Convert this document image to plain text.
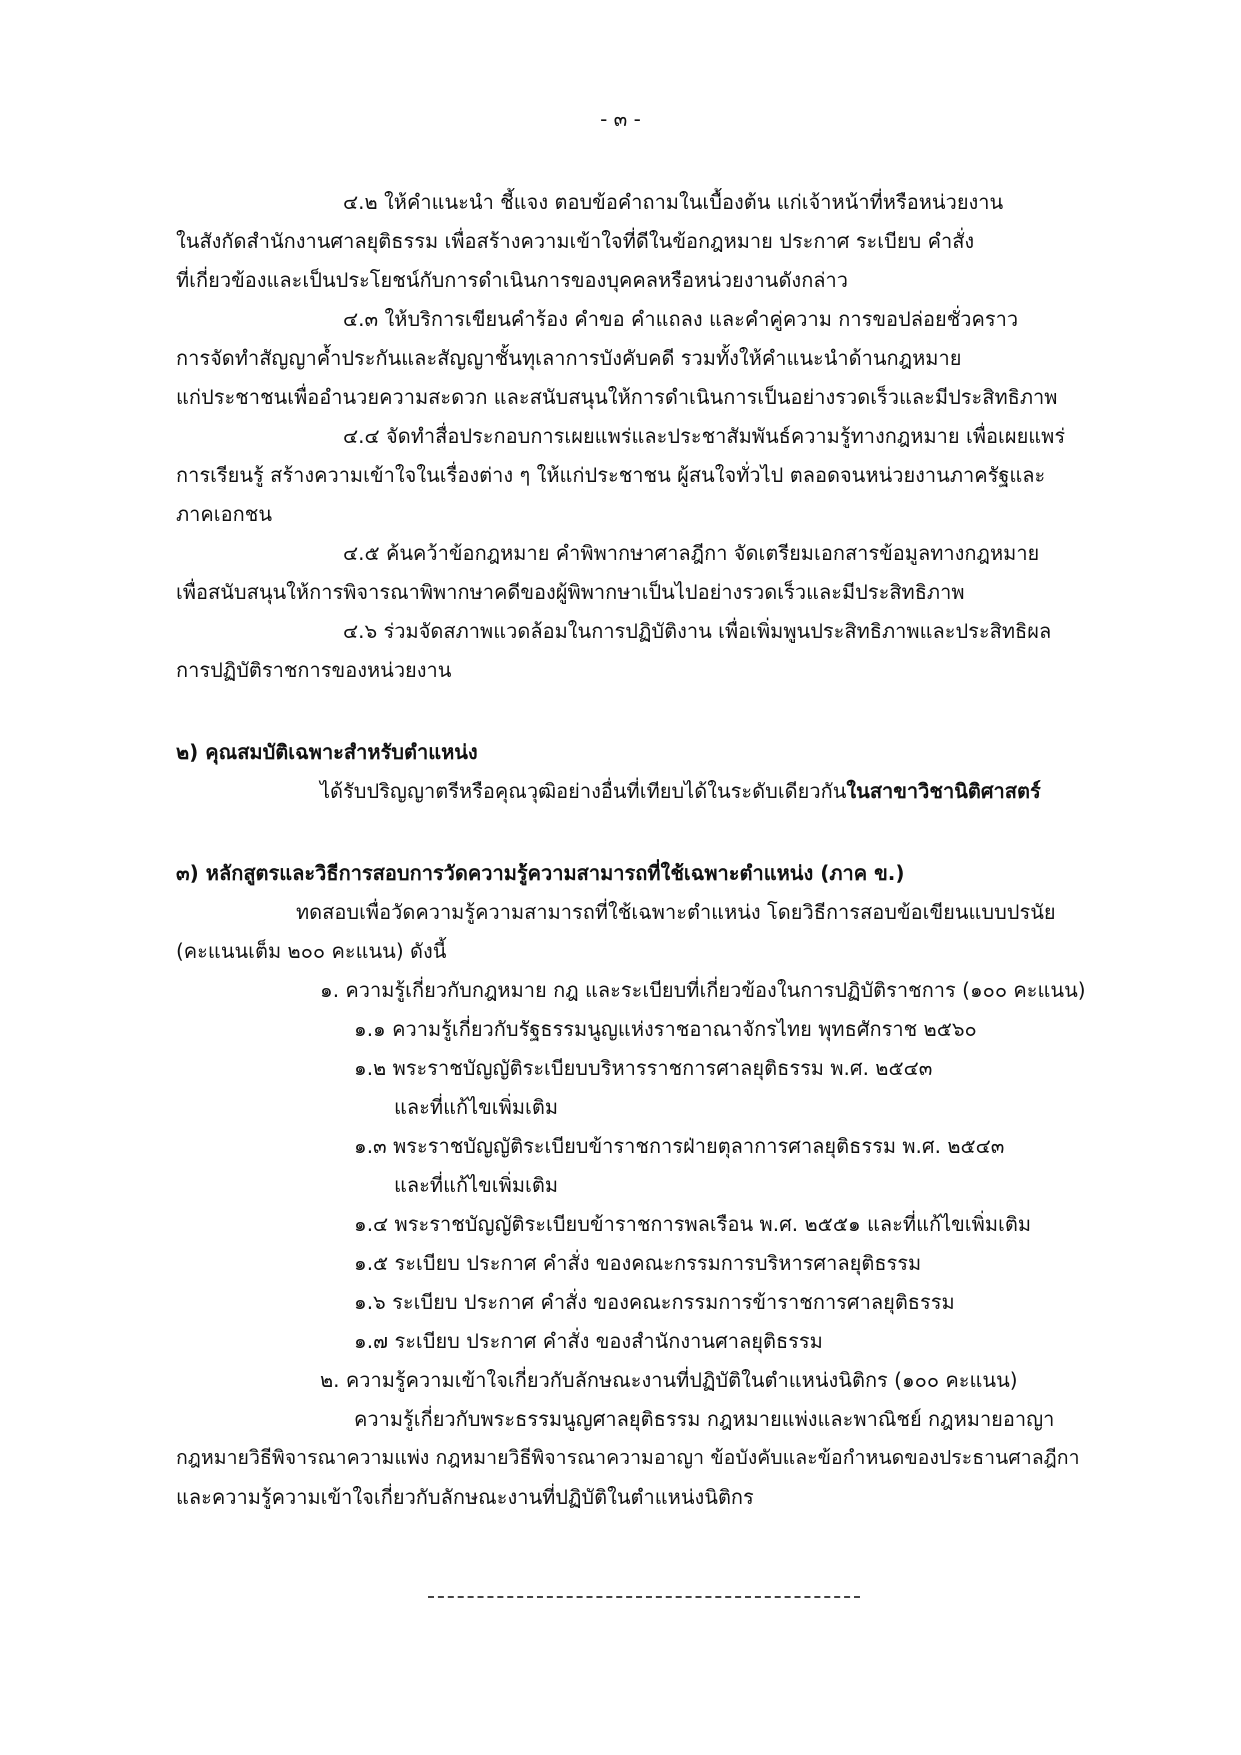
- ๓ -
๔.๒ ให้คำแนะนำ ชี้แจง ตอบข้อคำถามในเบื้องต้น แก่เจ้าหน้าที่หรือหน่วยงาน
ในสังกัดสำนักงานศาลยุติธรรม เพื่อสร้างความเข้าใจที่ดีในข้อกฎหมาย ประกาศ ระเบียบ คำสั่ง
ที่เกี่ยวข้องและเป็นประโยชน์กับการดำเนินการของบุคคลหรือหน่วยงานดังกล่าว
๔.๓ ให้บริการเขียนคำร้อง คำขอ คำแถลง และคำคู่ความ การขอปล่อยชั่วคราว
การจัดทำสัญญาค้ำประกันและสัญญาชั้นทุเลาการบังคับคดี รวมทั้งให้คำแนะนำด้านกฎหมาย
แก่ประชาชนเพื่ออำนวยความสะดวก และสนับสนุนให้การดำเนินการเป็นอย่างรวดเร็วและมีประสิทธิภาพ
๔.๔ จัดทำสื่อประกอบการเผยแพร่และประชาสัมพันธ์ความรู้ทางกฎหมาย เพื่อเผยแพร่
การเรียนรู้ สร้างความเข้าใจในเรื่องต่าง ๆ ให้แก่ประชาชน ผู้สนใจทั่วไป ตลอดจนหน่วยงานภาครัฐและ
ภาคเอกชน
๔.๕ ค้นคว้าข้อกฎหมาย คำพิพากษาศาลฎีกา จัดเตรียมเอกสารข้อมูลทางกฎหมาย
เพื่อสนับสนุนให้การพิจารณาพิพากษาคดีของผู้พิพากษาเป็นไปอย่างรวดเร็วและมีประสิทธิภาพ
๔.๖ ร่วมจัดสภาพแวดล้อมในการปฏิบัติงาน เพื่อเพิ่มพูนประสิทธิภาพและประสิทธิผล
การปฏิบัติราชการของหน่วยงาน
๒) คุณสมบัติเฉพาะสำหรับตำแหน่ง
ได้รับปริญญาตรีหรือคุณวุฒิอย่างอื่นที่เทียบได้ในระดับเดียวกันในสาขาวิชานิติศาสตร์
๓) หลักสูตรและวิธีการสอบการวัดความรู้ความสามารถที่ใช้เฉพาะตำแหน่ง (ภาค ข.)
ทดสอบเพื่อวัดความรู้ความสามารถที่ใช้เฉพาะตำแหน่ง โดยวิธีการสอบข้อเขียนแบบปรนัย
(คะแนนเต็ม ๒๐๐ คะแนน) ดังนี้
๑. ความรู้เกี่ยวกับกฎหมาย กฎ และระเบียบที่เกี่ยวข้องในการปฏิบัติราชการ (๑๐๐ คะแนน)
๑.๑ ความรู้เกี่ยวกับรัฐธรรมนูญแห่งราชอาณาจักรไทย พุทธศักราช ๒๕๖๐
๑.๒ พระราชบัญญัติระเบียบบริหารราชการศาลยุติธรรม พ.ศ. ๒๕๔๓
และที่แก้ไขเพิ่มเติม
๑.๓ พระราชบัญญัติระเบียบข้าราชการฝ่ายตุลาการศาลยุติธรรม พ.ศ. ๒๕๔๓
และที่แก้ไขเพิ่มเติม
๑.๔ พระราชบัญญัติระเบียบข้าราชการพลเรือน พ.ศ. ๒๕๕๑ และที่แก้ไขเพิ่มเติม
๑.๕ ระเบียบ ประกาศ คำสั่ง ของคณะกรรมการบริหารศาลยุติธรรม
๑.๖ ระเบียบ ประกาศ คำสั่ง ของคณะกรรมการข้าราชการศาลยุติธรรม
๑.๗ ระเบียบ ประกาศ คำสั่ง ของสำนักงานศาลยุติธรรม
๒. ความรู้ความเข้าใจเกี่ยวกับลักษณะงานที่ปฏิบัติในตำแหน่งนิติกร (๑๐๐ คะแนน)
ความรู้เกี่ยวกับพระธรรมนูญศาลยุติธรรม กฎหมายแพ่งและพาณิชย์ กฎหมายอาญา
กฎหมายวิธีพิจารณาความแพ่ง กฎหมายวิธีพิจารณาความอาญา ข้อบังคับและข้อกำหนดของประธานศาลฎีกา
และความรู้ความเข้าใจเกี่ยวกับลักษณะงานที่ปฏิบัติในตำแหน่งนิติกร
